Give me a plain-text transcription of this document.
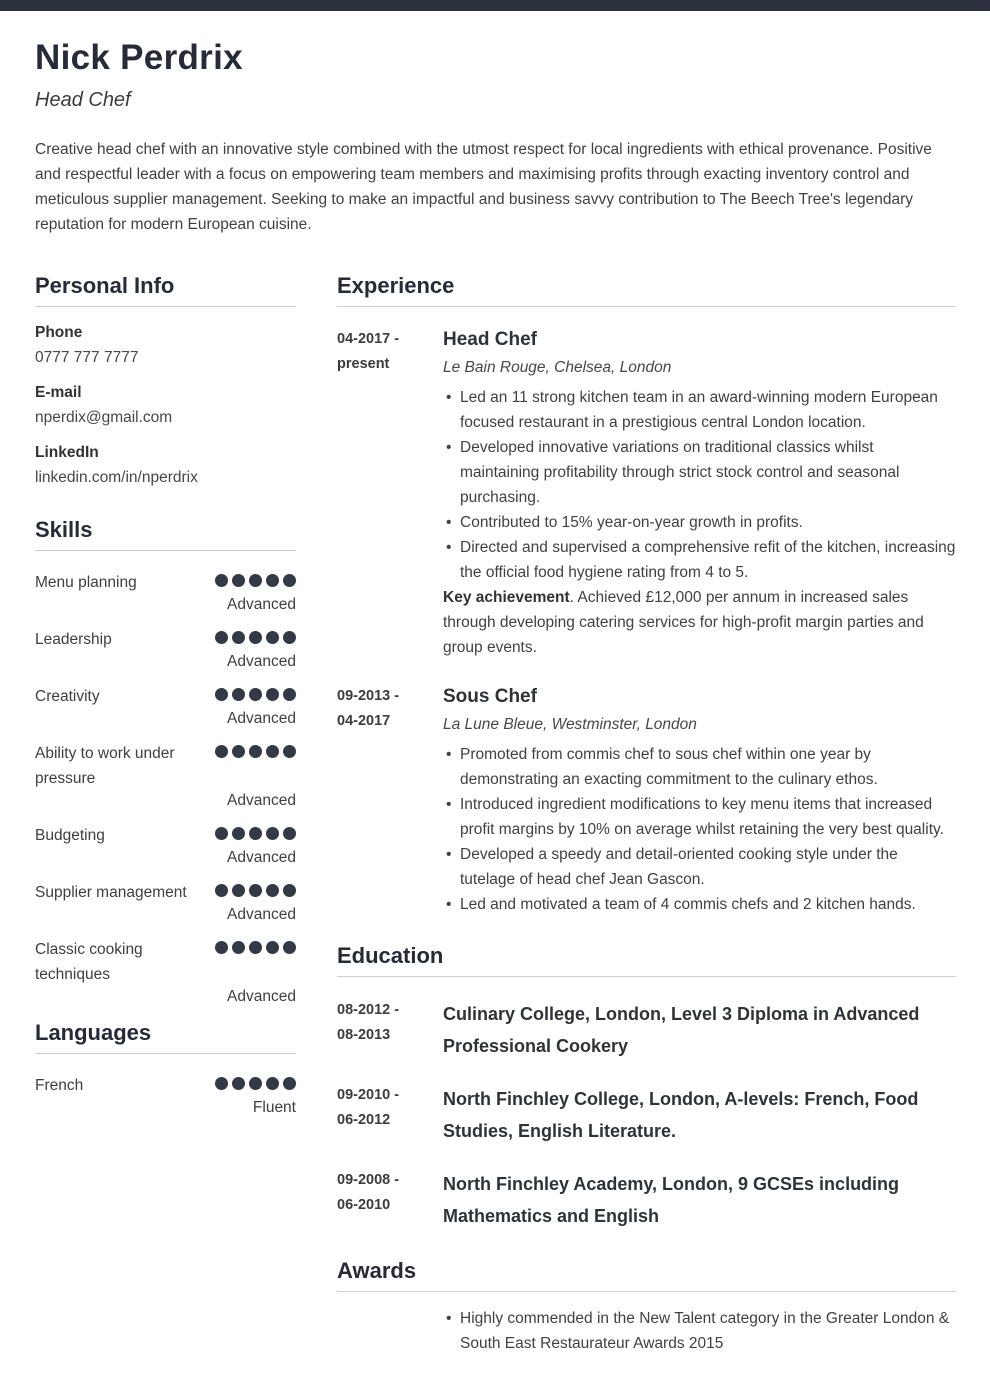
Nick Perdrix
Head Chef
Creative head chef with an innovative style combined with the utmost respect for local ingredients with ethical provenance. Positive and respectful leader with a focus on empowering team members and maximising profits through exacting inventory control and meticulous supplier management. Seeking to make an impactful and business savvy contribution to The Beech Tree's legendary reputation for modern European cuisine.
Personal Info
Phone
0777 777 7777
E-mail
nperdix@gmail.com
LinkedIn
linkedin.com/in/nperdrix
Skills
Menu planning
Advanced
Leadership
Advanced
Creativity
Advanced
Ability to work under pressure
Advanced
Budgeting
Advanced
Supplier management
Advanced
Classic cooking techniques
Advanced
Languages
French
Fluent
Experience
04-2017 -
present
Head Chef
Le Bain Rouge, Chelsea, London
• Led an 11 strong kitchen team in an award-winning modern European focused restaurant in a prestigious central London location.
• Developed innovative variations on traditional classics whilst maintaining profitability through strict stock control and seasonal purchasing.
• Contributed to 15% year-on-year growth in profits.
• Directed and supervised a comprehensive refit of the kitchen, increasing the official food hygiene rating from 4 to 5.

Key achievement. Achieved £12,000 per annum in increased sales through developing catering services for high-profit margin parties and group events.

09-2013 -
04-2017
Sous Chef
La Lune Bleue, Westminster, London
• Promoted from commis chef to sous chef within one year by demonstrating an exacting commitment to the culinary ethos.
• Introduced ingredient modifications to key menu items that increased profit margins by 10% on average whilst retaining the very best quality.
• Developed a speedy and detail-oriented cooking style under the tutelage of head chef Jean Gascon.
• Led and motivated a team of 4 commis chefs and 2 kitchen hands.
Education
08-2012 -
08-2013
Culinary College, London, Level 3 Diploma in Advanced Professional Cookery
09-2010 -
06-2012
North Finchley College, London, A-levels: French, Food Studies, English Literature.
09-2008 -
06-2010
North Finchley Academy, London, 9 GCSEs including Mathematics and English
Awards
• Highly commended in the New Talent category in the Greater London & South East Restaurateur Awards 2015
